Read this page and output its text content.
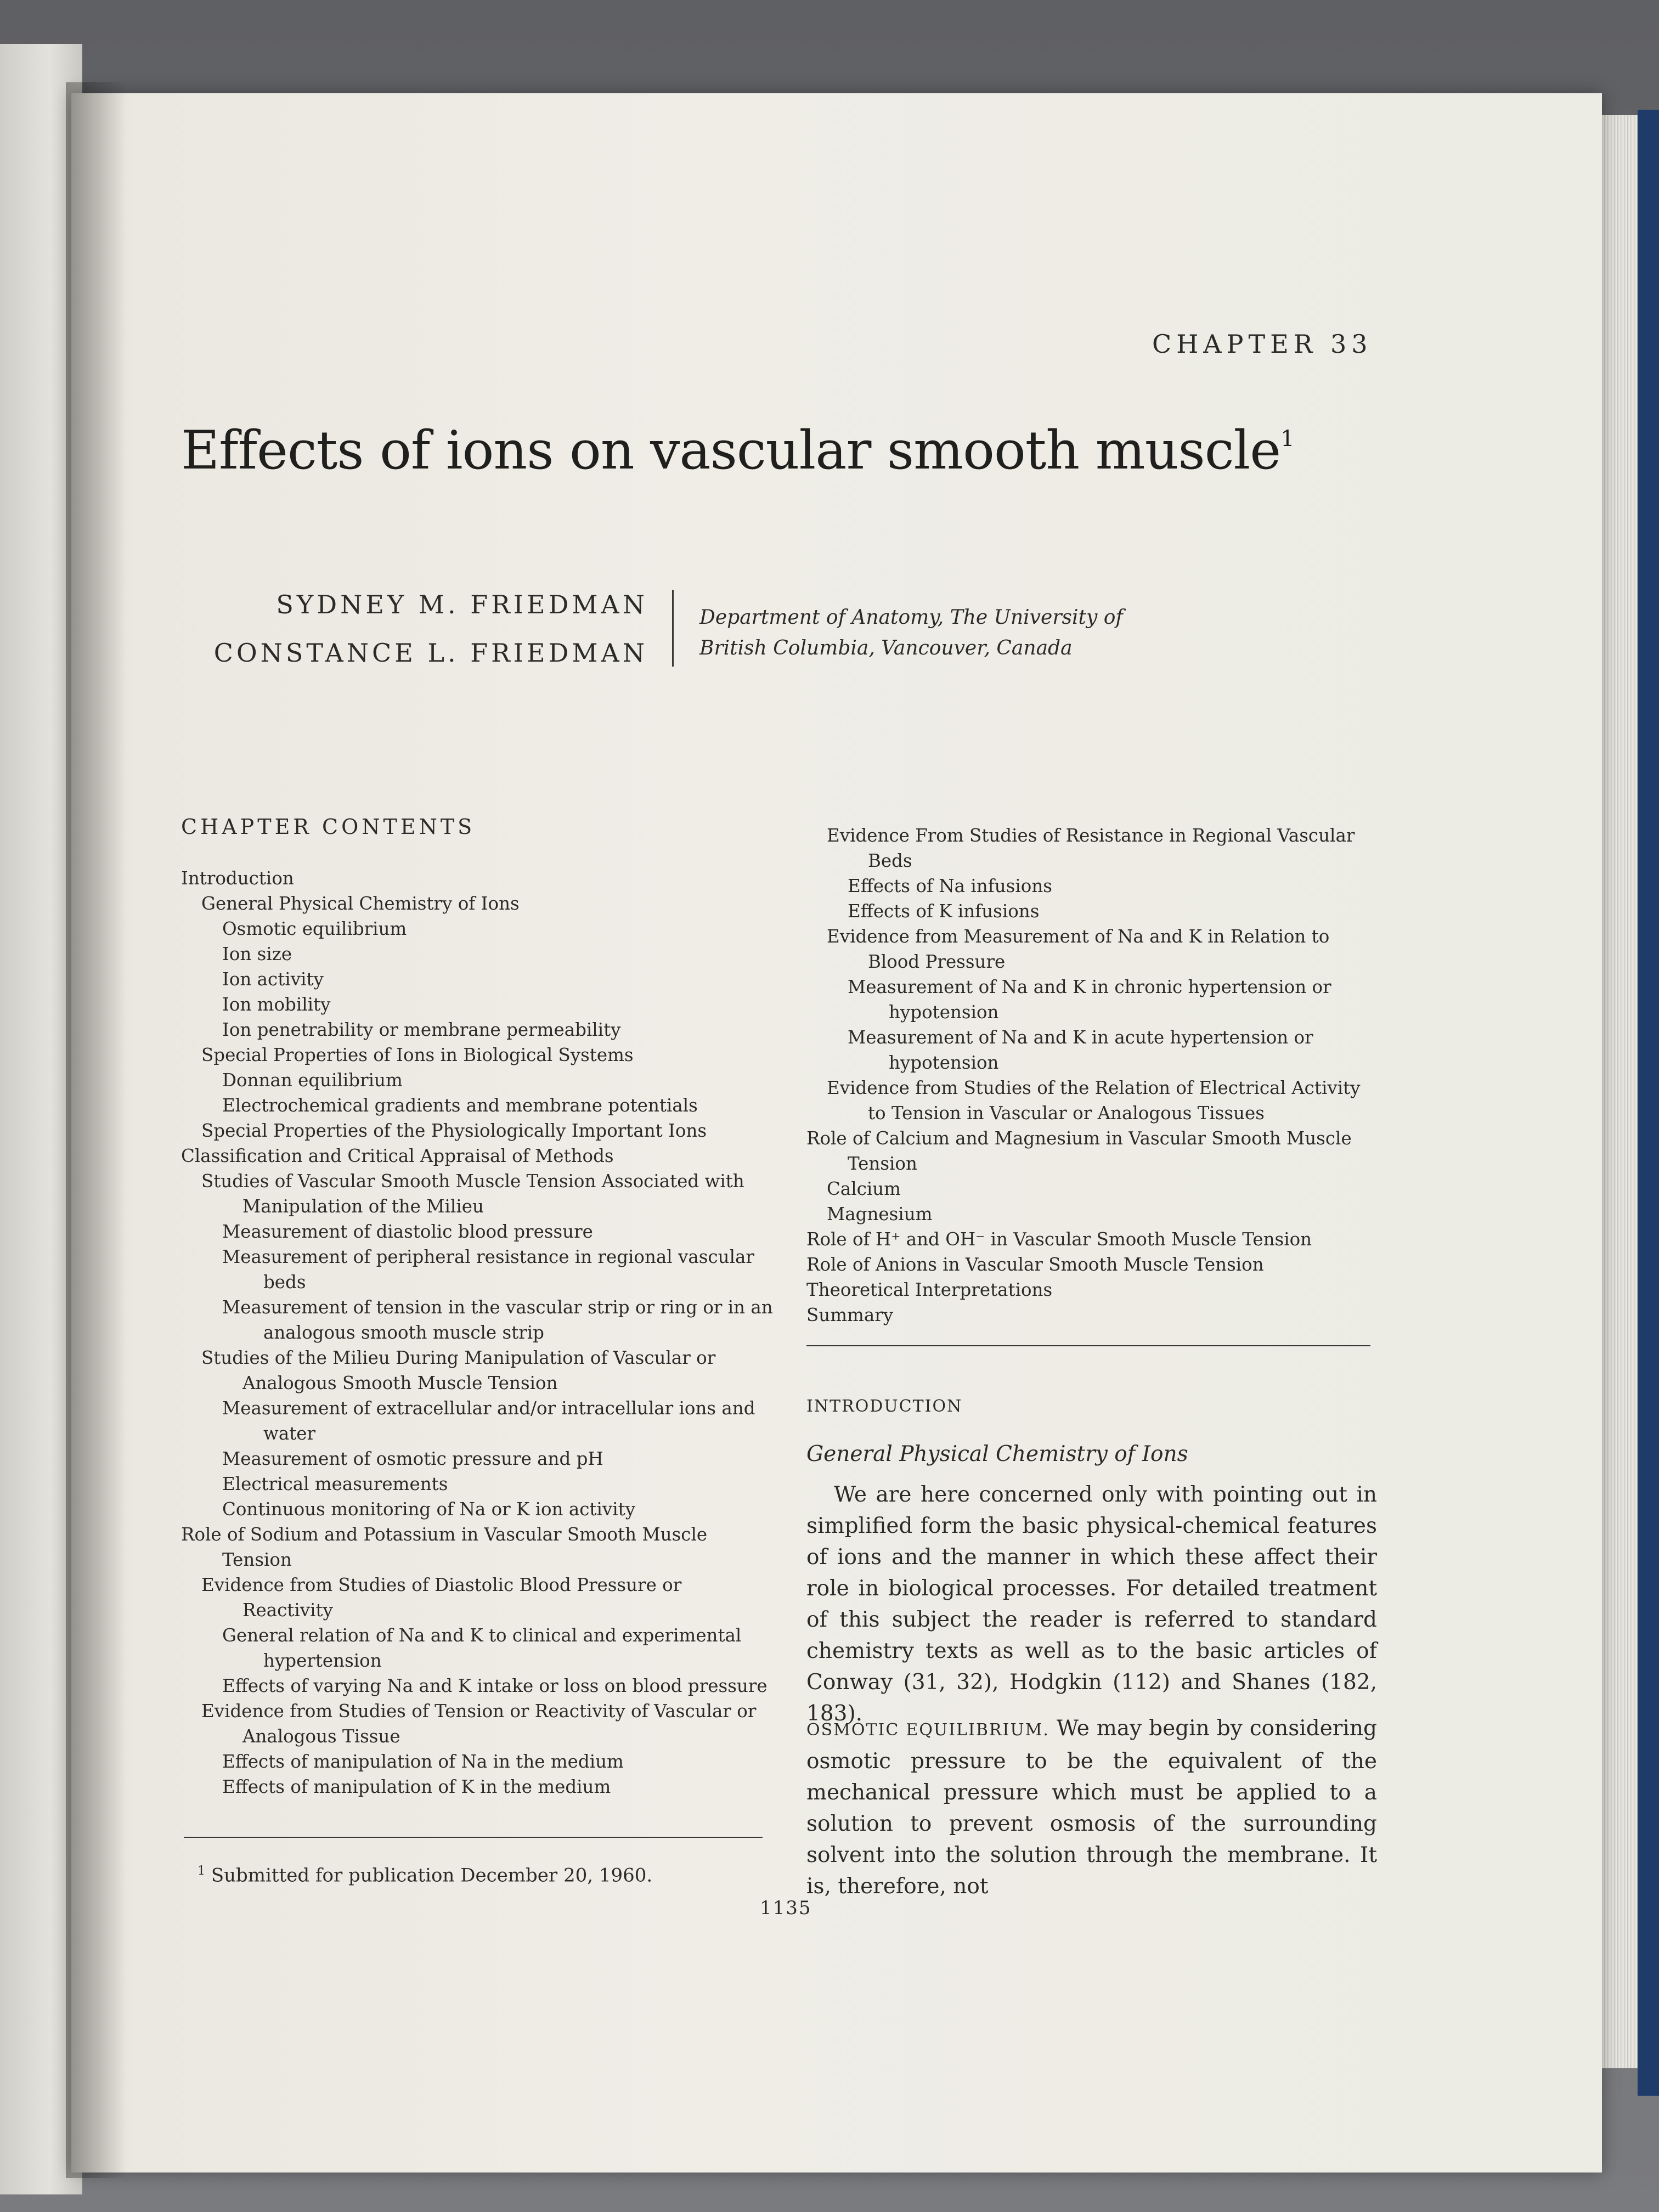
CHAPTER 33
Effects of ions on vascular smooth muscle$^1$
SYDNEY M. FRIEDMAN
CONSTANCE L. FRIEDMAN
Department of Anatomy, The University of
British Columbia, Vancouver, Canada
CHAPTER CONTENTS
Introduction
General Physical Chemistry of Ions
Osmotic equilibrium
Ion size
Ion activity
Ion mobility
Ion penetrability or membrane permeability
Special Properties of Ions in Biological Systems
Donnan equilibrium
Electrochemical gradients and membrane potentials
Special Properties of the Physiologically Important Ions
Classification and Critical Appraisal of Methods
Studies of Vascular Smooth Muscle Tension Associated with Manipulation of the Milieu
Measurement of diastolic blood pressure
Measurement of peripheral resistance in regional vascular beds
Measurement of tension in the vascular strip or ring or in an analogous smooth muscle strip
Studies of the Milieu During Manipulation of Vascular or Analogous Smooth Muscle Tension
Measurement of extracellular and/or intracellular ions and water
Measurement of osmotic pressure and pH
Electrical measurements
Continuous monitoring of Na or K ion activity
Role of Sodium and Potassium in Vascular Smooth Muscle Tension
Evidence from Studies of Diastolic Blood Pressure or Reactivity
General relation of Na and K to clinical and experimental hypertension
Effects of varying Na and K intake or loss on blood pressure
Evidence from Studies of Tension or Reactivity of Vascular or Analogous Tissue
Effects of manipulation of Na in the medium
Effects of manipulation of K in the medium
Evidence From Studies of Resistance in Regional Vascular Beds
Effects of Na infusions
Effects of K infusions
Evidence from Measurement of Na and K in Relation to Blood Pressure
Measurement of Na and K in chronic hypertension or hypotension
Measurement of Na and K in acute hypertension or hypotension
Evidence from Studies of the Relation of Electrical Activity to Tension in Vascular or Analogous Tissues
Role of Calcium and Magnesium in Vascular Smooth Muscle Tension
Calcium
Magnesium
Role of H⁺ and OH⁻ in Vascular Smooth Muscle Tension
Role of Anions in Vascular Smooth Muscle Tension
Theoretical Interpretations
Summary
$^1$ Submitted for publication December 20, 1960.
INTRODUCTION
General Physical Chemistry of Ions
We are here concerned only with pointing out in simplified form the basic physical-chemical features of ions and the manner in which these affect their role in biological processes. For detailed treatment of this subject the reader is referred to standard chemistry texts as well as to the basic articles of Conway (31, 32), Hodgkin (112) and Shanes (182, 183).
OSMOTIC EQUILIBRIUM. We may begin by considering osmotic pressure to be the equivalent of the mechanical pressure which must be applied to a solution to prevent osmosis of the surrounding solvent into the solution through the membrane. It is, therefore, not
1135
